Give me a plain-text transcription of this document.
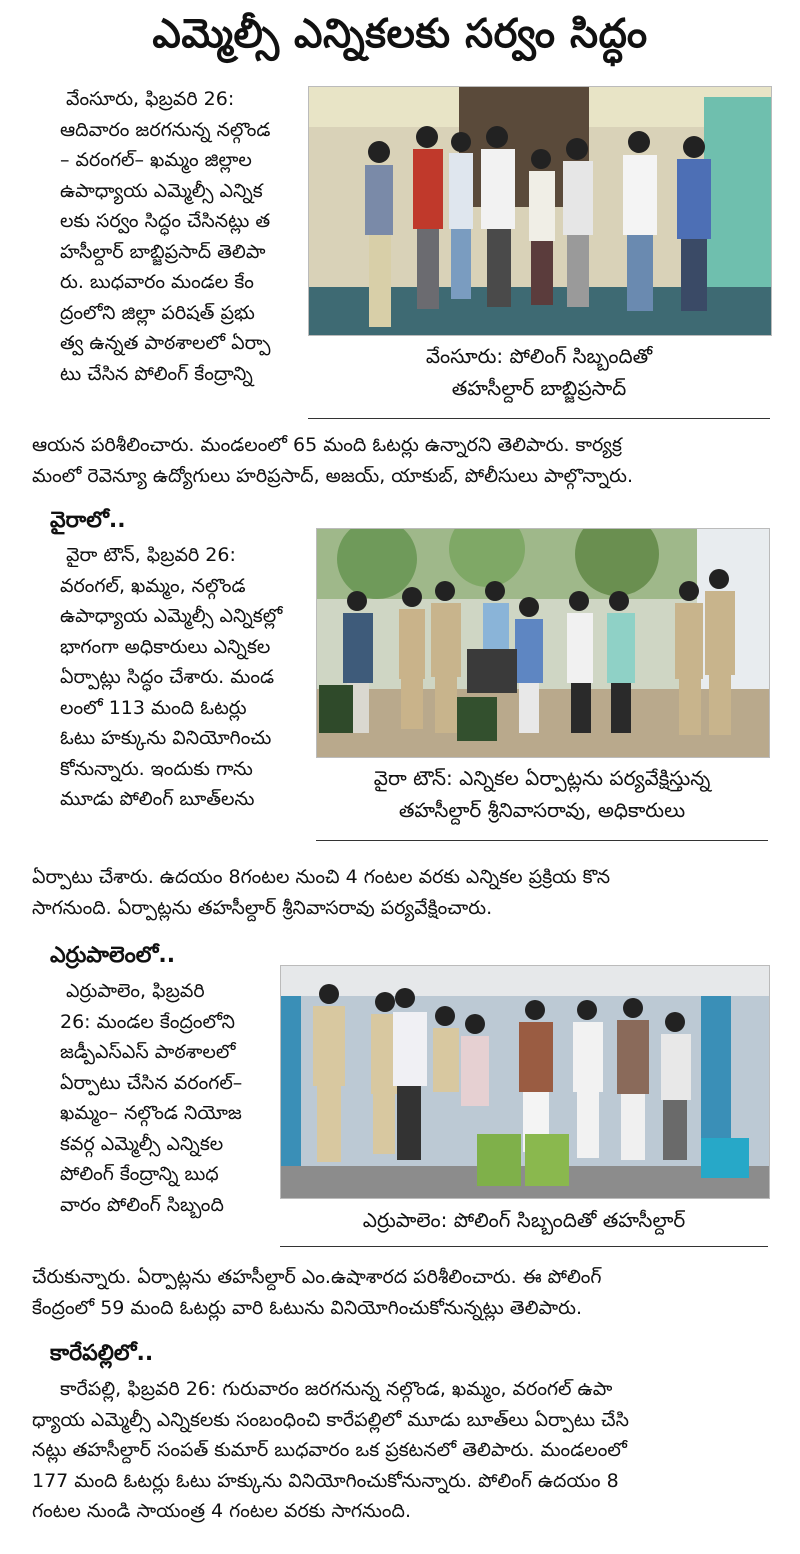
ఎమ్మెల్సీ ఎన్నికలకు సర్వం సిద్ధం

వేంసూరు, ఫిబ్రవరి 26:

ఆదివారం జరగనున్న నల్గొండ

– వరంగల్– ఖమ్మం జిల్లాల

ఉపాధ్యాయ ఎమ్మెల్సీ ఎన్నిక

లకు సర్వం సిద్ధం చేసినట్లు త

హసీల్దార్ బాబ్జిప్రసాద్ తెలిపా

రు. బుధవారం మండల కేం

ద్రంలోని జిల్లా పరిషత్ ప్రభు

త్వ ఉన్నత పాఠశాలలో ఏర్పా

టు చేసిన పోలింగ్ కేంద్రాన్ని

వేంసూరు: పోలింగ్ సిబ్బందితో
తహసీల్దార్ బాబ్జిప్రసాద్

ఆయన పరిశీలించారు. మండలంలో 65 మంది ఓటర్లు ఉన్నారని తెలిపారు. కార్యక్ర

మంలో రెవెన్యూ ఉద్యోగులు హరిప్రసాద్, అజయ్, యాకుబ్, పోలీసులు పాల్గొన్నారు.

వైరాలో..

వైరా టౌన్, ఫిబ్రవరి 26:

వరంగల్, ఖమ్మం, నల్గొండ

ఉపాధ్యాయ ఎమ్మెల్సీ ఎన్నికల్లో

భాగంగా అధికారులు ఎన్నికల

ఏర్పాట్లు సిద్ధం చేశారు. మండ

లంలో 113 మంది ఓటర్లు

ఓటు హక్కును వినియోగించు

కోనున్నారు. ఇందుకు గాను

మూడు పోలింగ్ బూత్‌లను

వైరా టౌన్: ఎన్నికల ఏర్పాట్లను పర్యవేక్షిస్తున్న
తహసీల్దార్ శ్రీనివాసరావు, అధికారులు

ఏర్పాటు చేశారు. ఉదయం 8గంటల నుంచి 4 గంటల వరకు ఎన్నికల ప్రక్రియ కొన

సాగనుంది. ఏర్పాట్లను తహసీల్దార్ శ్రీనివాసరావు పర్యవేక్షించారు.

ఎర్రుపాలెంలో..

ఎర్రుపాలెం, ఫిబ్రవరి

26: మండల కేంద్రంలోని

జడ్పీఎస్ఎస్ పాఠశాలలో

ఏర్పాటు చేసిన వరంగల్–

ఖమ్మం– నల్గొండ నియోజ

కవర్గ ఎమ్మెల్సీ ఎన్నికల

పోలింగ్ కేంద్రాన్ని బుధ

వారం పోలింగ్ సిబ్బంది

ఎర్రుపాలెం: పోలింగ్ సిబ్బందితో తహసీల్దార్

చేరుకున్నారు. ఏర్పాట్లను తహసీల్దార్ ఎం.ఉషాశారద పరిశీలించారు. ఈ పోలింగ్

కేంద్రంలో 59 మంది ఓటర్లు వారి ఓటును వినియోగించుకోనున్నట్లు తెలిపారు.

కారేపల్లిలో..

కారేపల్లి, ఫిబ్రవరి 26: గురువారం జరగనున్న నల్గొండ, ఖమ్మం, వరంగల్ ఉపా

ధ్యాయ ఎమ్మెల్సీ ఎన్నికలకు సంబంధించి కారేపల్లిలో మూడు బూత్‌లు ఏర్పాటు చేసి

నట్లు తహసీల్దార్ సంపత్ కుమార్ బుధవారం ఒక ప్రకటనలో తెలిపారు. మండలంలో

177 మంది ఓటర్లు ఓటు హక్కును వినియోగించుకోనున్నారు. పోలింగ్ ఉదయం 8

గంటల నుండి సాయంత్ర 4 గంటల వరకు సాగనుంది.
